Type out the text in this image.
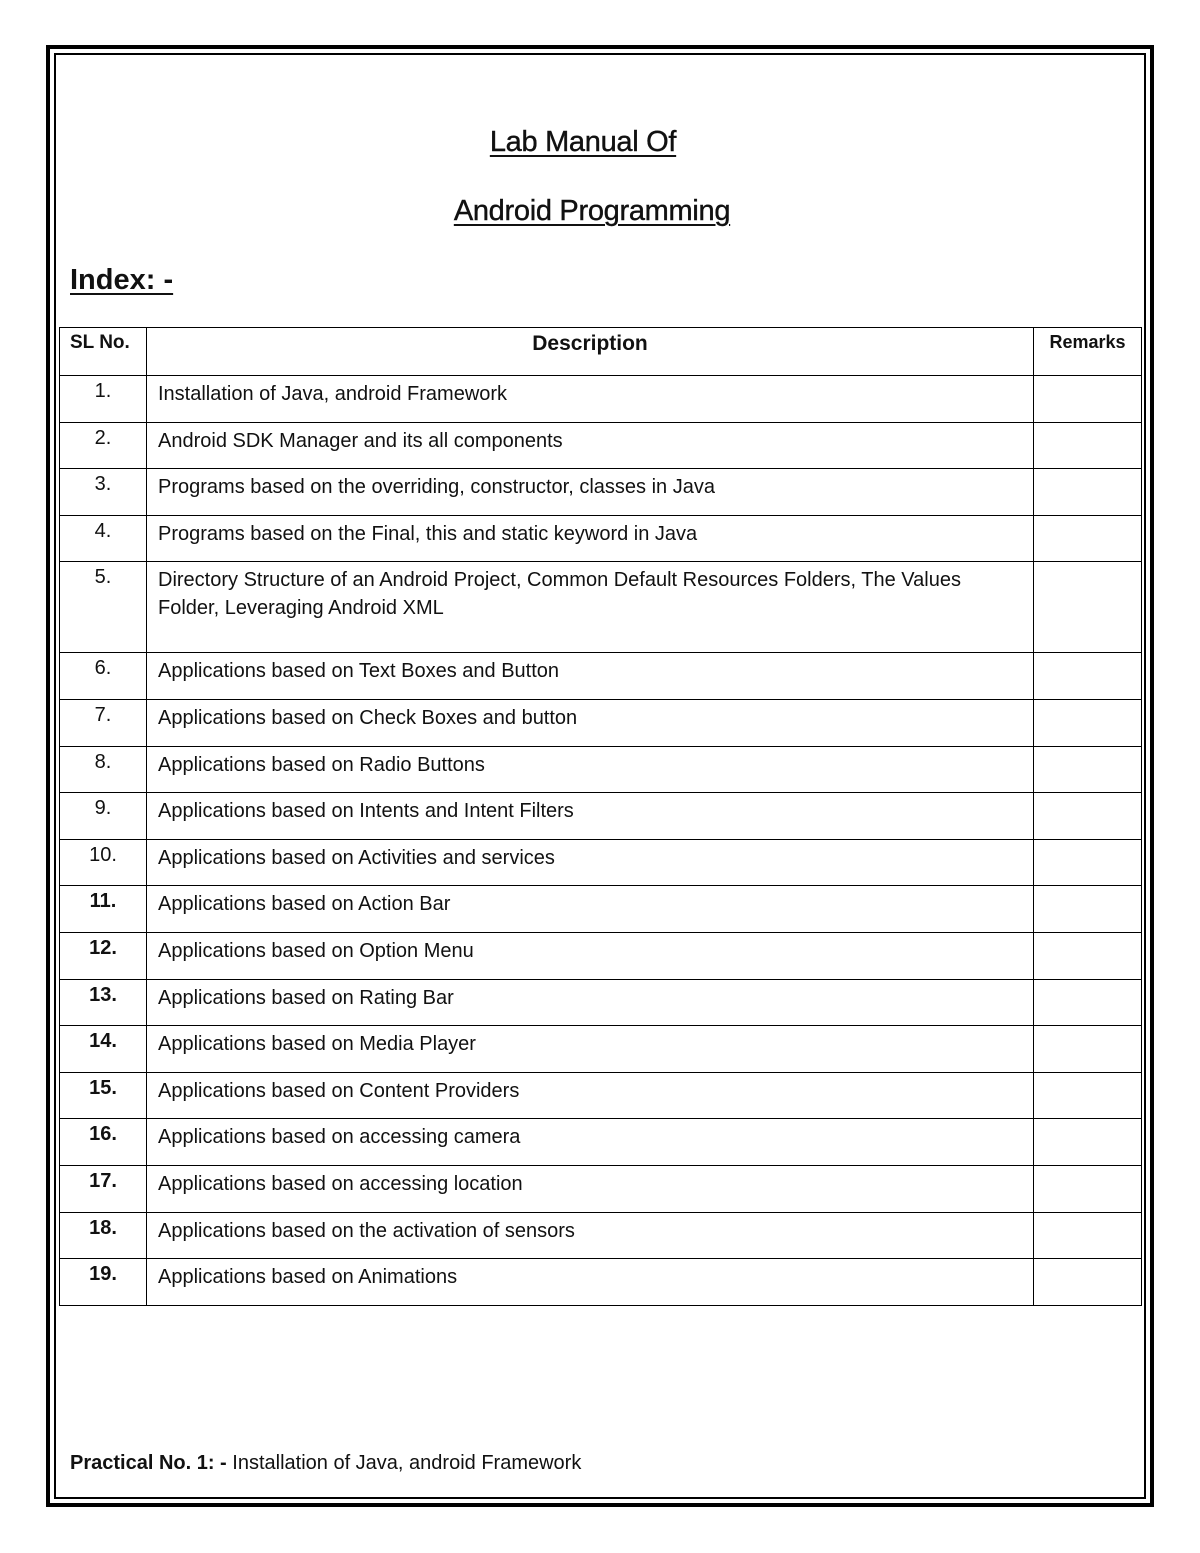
Lab Manual Of
Android Programming
Index: -
SL No.	Description	Remarks
1.	Installation of Java, android Framework	
2.	Android SDK Manager and its all components	
3.	Programs based on the overriding, constructor, classes in Java	
4.	Programs based on the Final, this and static keyword in Java	
5.	Directory Structure of an Android Project, Common Default Resources Folders, The Values Folder, Leveraging Android XML	
6.	Applications based on Text Boxes and Button	
7.	Applications based on Check Boxes and button	
8.	Applications based on Radio Buttons	
9.	Applications based on Intents and Intent Filters	
10.	Applications based on Activities and services	
11.	Applications based on Action Bar	
12.	Applications based on Option Menu	
13.	Applications based on Rating Bar	
14.	Applications based on Media Player	
15.	Applications based on Content Providers	
16.	Applications based on accessing camera	
17.	Applications based on accessing location	
18.	Applications based on the activation of sensors	
19.	Applications based on Animations	
Practical No. 1: - Installation of Java, android Framework
